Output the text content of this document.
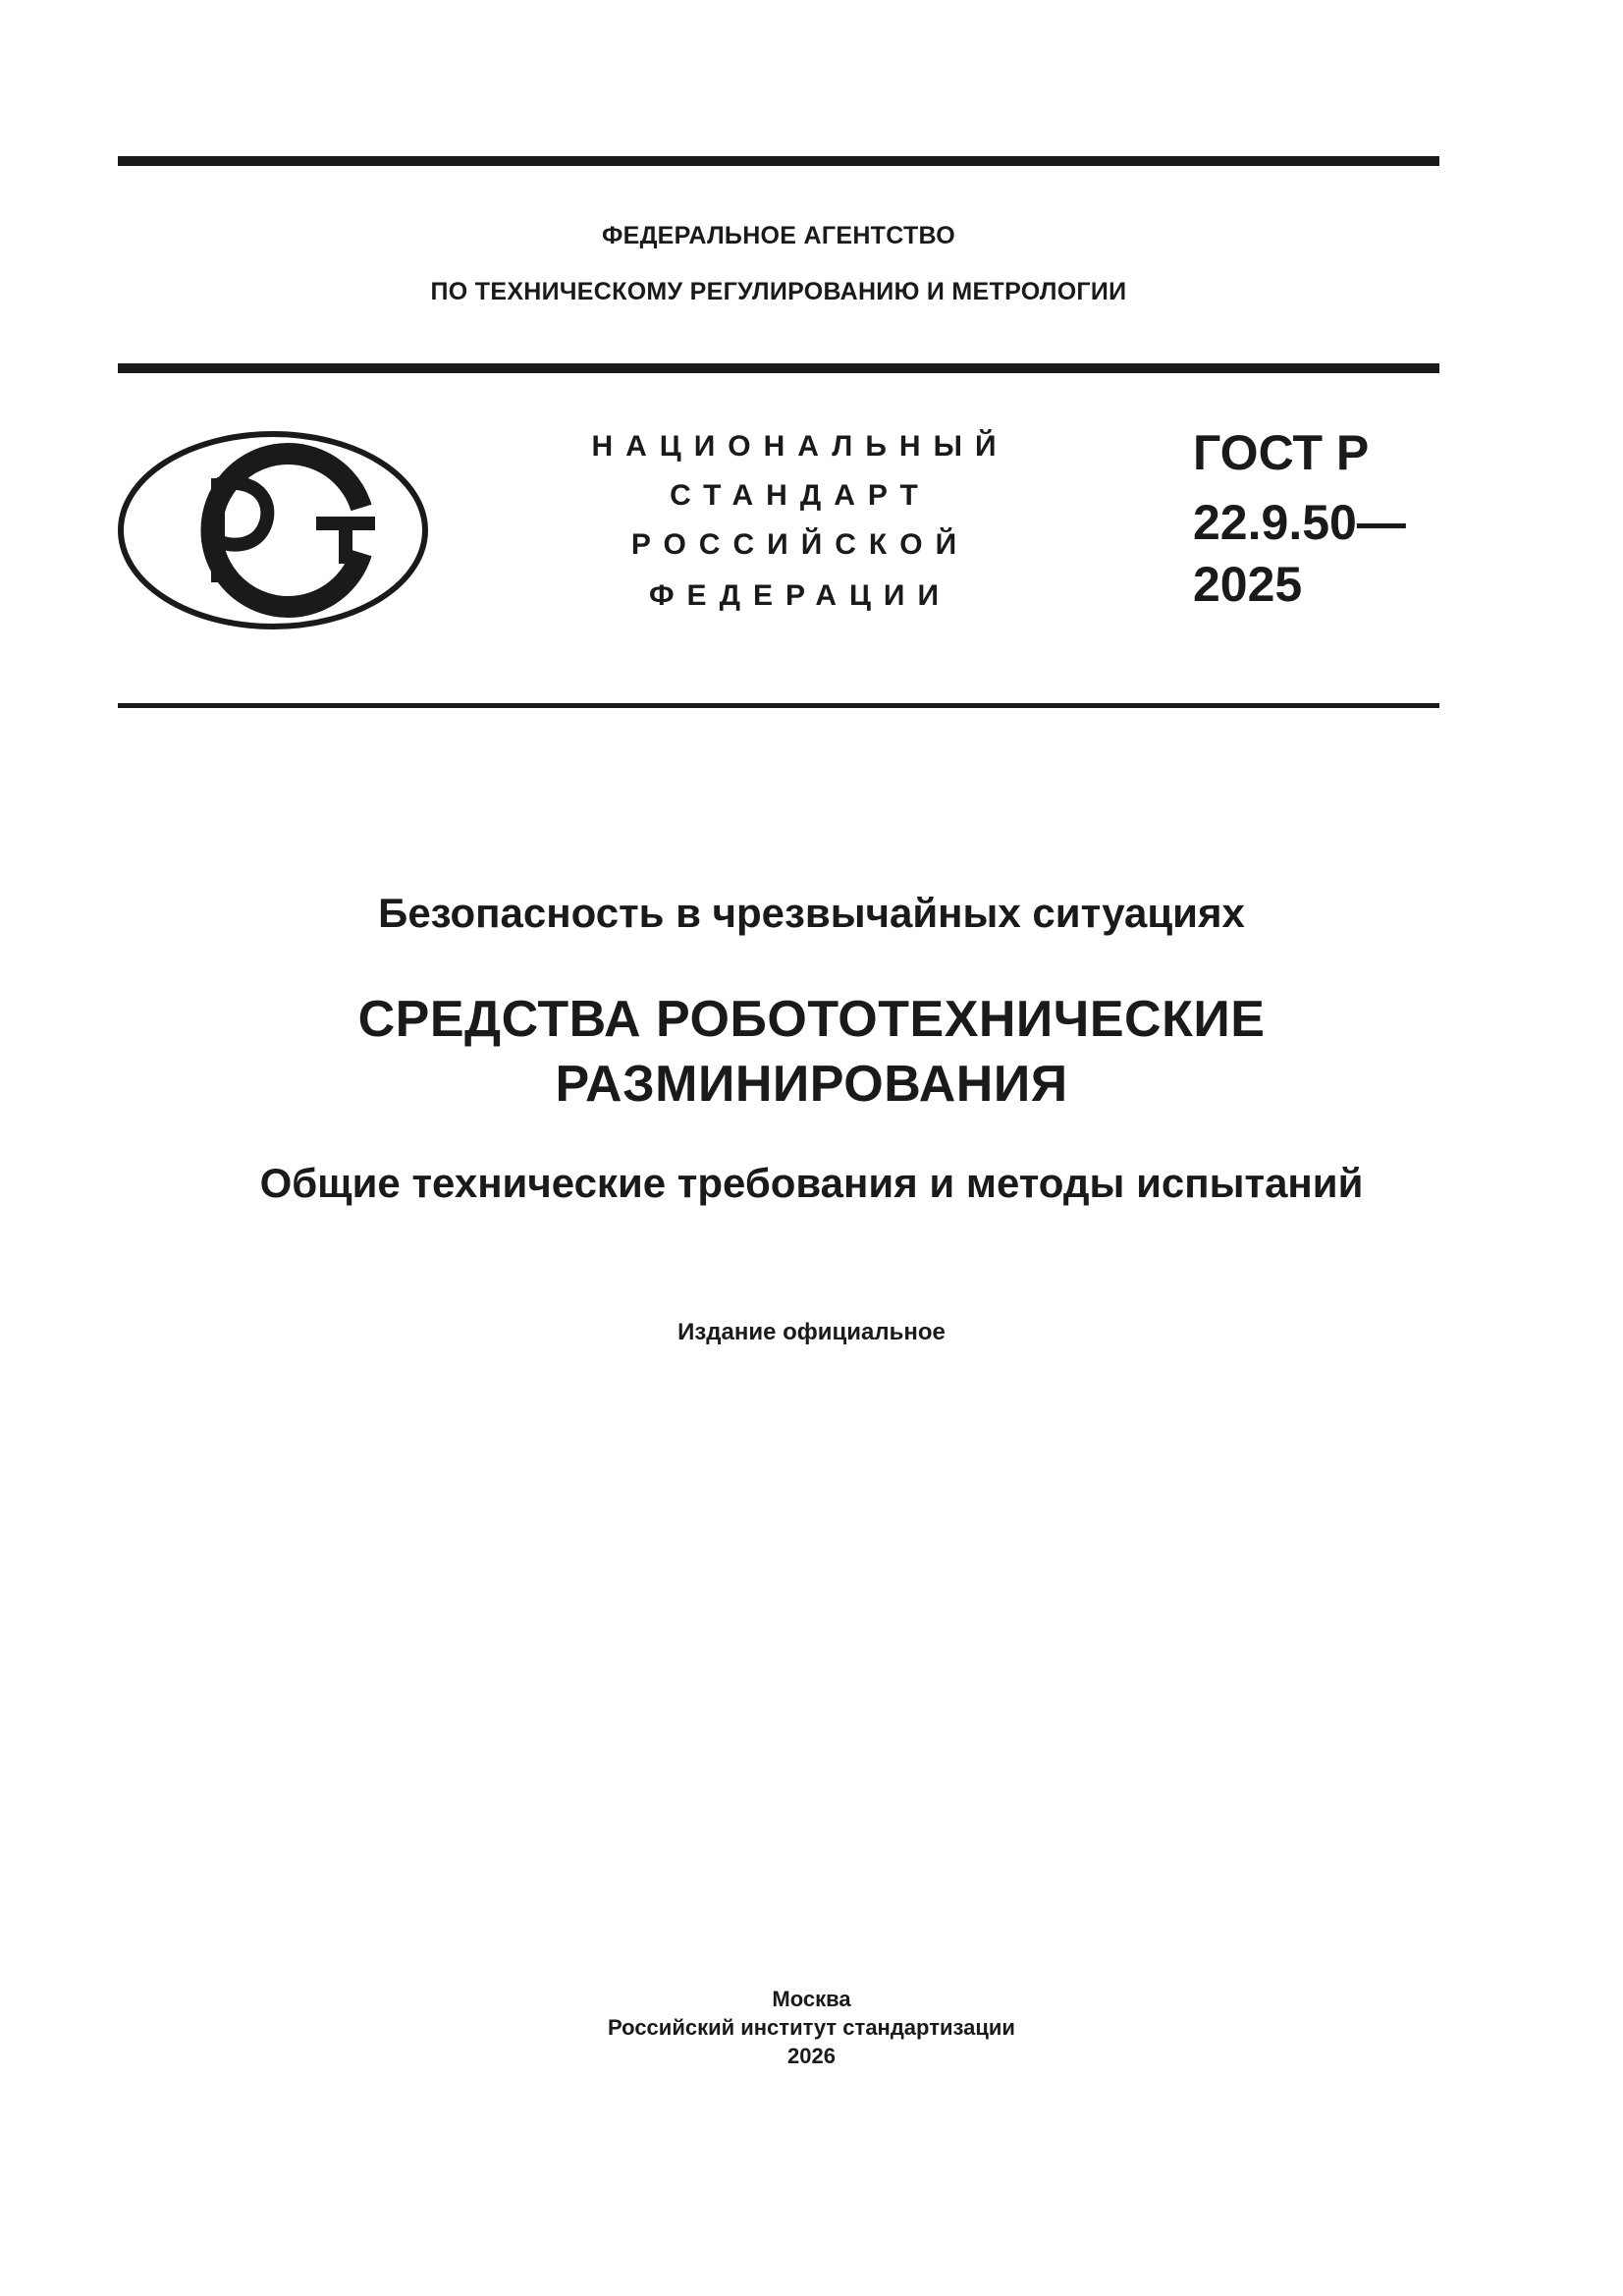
ФЕДЕРАЛЬНОЕ АГЕНТСТВО
ПО ТЕХНИЧЕСКОМУ РЕГУЛИРОВАНИЮ И МЕТРОЛОГИИ
НАЦИОНАЛЬНЫЙ
СТАНДАРТ
РОССИЙСКОЙ
ФЕДЕРАЦИИ
ГОСТ Р
22.9.50—
2025
Безопасность в чрезвычайных ситуациях
СРЕДСТВА РОБОТОТЕХНИЧЕСКИЕ
РАЗМИНИРОВАНИЯ
Общие технические требования и методы испытаний
Издание официальное
Москва
Российский институт стандартизации
2026
